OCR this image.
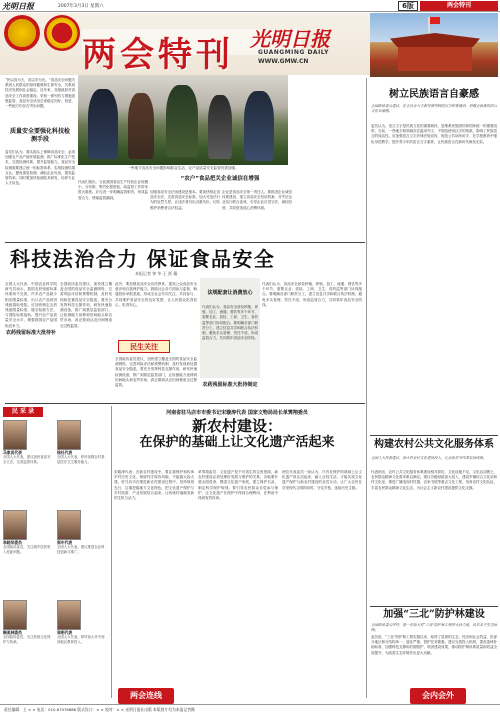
光明日报	2007年3月3日 星期六	6版	两会特刊
两会特刊 光明日报
GUANGMING DAILY
WWW.GMW.CN
“民以食为天，食以安为先。”食品安全问题关系到人民群众的身体健康和生命安全，关系到经济发展和社会稳定。近年来，各级政府对食品安全工作高度重视，采取一系列有力措施加强监管，食品安全状况总体稳定向好。但是，一些地方仍存在突出问题。
质量安全要强化科技检测手段
委员们认为，要从源头上保障食品安全，必须加强农产品产地环境监测，推广标准化生产技术，完善检测体系，提升监管能力。食品安全检测需要建立统一的标准体系，实现检测结果互认，避免重复检测，减轻企业负担，提高监管效率。同时要加快检测技术研发，培养专业人才队伍。
一些地方食品安全问题影响群众生活，农产品质量安全监管仍需加强。
代表们指出，当前我国食品生产经营企业规模小、分布散、集约化程度低，给监管工作带来很大难度。应当进一步明确监管职责，形成监管合力，堵塞监管漏洞。
“农户”食品把关企业诚信在增强
加强食品安全法治建设是根本。要加快制定食品安全法，完善食品安全标准，加大对违法行为的处罚力度，让违法者付出沉重代价，切实维护消费者合法权益。
企业是食品安全第一责任人。要推进企业诚信体系建设，建立食品安全信用档案，对失信企业实行联合惩戒，引导企业自觉守法、诚信经营，共同营造放心消费环境。
科技法治合力 保证食品安全
本报记者 钟 华 王 跃 戴
全国人大代表、中国农业科学院研究员表示，我国农药残留标准体系尚不完善，许多农产品缺少相应限量标准，出口农产品常因残留超标受阻。应加快制定农药残留限量标准，健全检测方法，与国际标准接轨，提升农产品质量安全水平，增强我国农产品国际竞争力。
全国政协委员建议，加快建立覆盖全国的食品安全监测网络，完善风险评估和预警机制，及时发现和处置食品安全隐患。要充分发挥科技支撑作用，研发快速检测设备，推广到基层监管部门，让检测能力延伸到田间地头和农贸市场，真正做到从农田到餐桌全过程监管。
农药残留标准大批待补
法规配套让消费放心
代表们认为，食品安全涉及种植、养殖、加工、流通、餐饮等多个环节，需要农业、质检、工商、卫生、食药监等部门协同配合。要明确各部门职责分工，建立信息共享和联合执法机制，避免多头管理、责任不清，形成监管合力，共同筑牢食品安全防线。
民生关注
此外，要加强食品安全宣传教育，提高公众食品安全意识和自我保护能力。鼓励社会各方面参与监督，畅通投诉举报渠道，形成全社会共同关注、共同参与、共同维护食品安全的良好氛围，让人民群众吃得放心、吃得安心。
全国政协委员建议，加快建立覆盖全国的食品安全监测网络，完善风险评估和预警机制，及时发现和处置食品安全隐患。要充分发挥科技支撑作用，研发快速检测设备，推广到基层监管部门，让检测能力延伸到田间地头和农贸市场，真正做到从农田到餐桌全过程监管。	农药残留标准大批待制定
代表们认为，食品安全涉及种植、养殖、加工、流通、餐饮等多个环节，需要农业、质检、工商、卫生、食药监等部门协同配合。要明确各部门职责分工，建立信息共享和联合执法机制，避免多头管理、责任不清，形成监管合力，共同筑牢食品安全防线。
树立民族语言自豪感
全国政协委员建议，在全社会大力倡导使用规范汉字和普通话，增强全民族的语言文化自豪感。
委员认为，语言文字是民族文化的重要载体，是维系民族团结和国家统一的重要纽带。当前，一些地方和领域存在滥用外文、不规范使用汉字的现象，影响了民族语言的纯洁性。应加强语言文字法律法规宣传，规范公共场所用字，在学校教育中强化母语教学，提升青少年的语言文字素养，让民族语言在新时代焕发光彩。
构建农村公共文化服务体系
全国人大代表建议，加大对农村文化建设投入，让农民共享改革发展成果。
代表指出，农村公共文化服务体系建设相对滞后，文化设施不足，文化活动匮乏，农民群众精神文化需求难以满足。建议各级财政加大投入，建设乡镇综合文化站和村文化室，推进广播电视村村通、农家书屋等重点文化工程，培育农村文化队伍，丰富农民群众精神文化生活，为社会主义新农村建设提供文化支撑。
加强“三北”防护林建设
全国政协委员呼吁，进一步加大对“三北”防护林工程的支持力度，筑牢北方生态屏障。
委员说，“三北”防护林工程实施以来，取得了显著的生态、经济和社会效益，但部分地区林分结构单一、退化严重，管护任务繁重。建议完善投入机制，提高造林补助标准，加强科技支撑和后期管护，巩固建设成果，推动防护林体系质量和效益全面提升，为改善生态环境作出更大贡献。
会内会外
民 采 录
马家宾代表
全国人大代表，建议加快食品安全立法，完善监管体系。
徐社代表
全国人大代表，呼吁加强农村基层医疗卫生服务能力。
李晓华委员
全国政协委员，关注城乡居民收入差距问题。
郑中代表
全国人大代表，建议推进农业科技创新与推广。
韩美林委员
全国政协委员，关注传统文化保护与传承。
周明代表
全国人大代表，呼吁加大对中西部地区教育投入。
河南省驻马店市市委书记宋璇涛代表 国家文物局局长单霁翔委员
新农村建设：
在保护的基础上让文化遗产活起来
宋璇涛代表：在新农村建设中，要注重保护和传承乡村历史文化，保留村庄原有风貌，不能搞大拆大建。驻马店市在推进新农村建设过程中，坚持规划先行，注重挖掘地方文化特色，把文化遗产保护与乡村旅游、产业发展结合起来，让传统村落焕发新的生机与活力。
单霁翔委员：文化遗产是不可再生的宝贵资源，新农村建设必须处理好发展与保护的关系。各地要开展全面普查，摸清文化遗产家底，建立保护名录，制定科学保护规划。要引导农民群众自觉参与保护，让文化遗产在保护中得到合理利用，在利用中得到有效传承。
两位代表委员一致认为，只有在保护的基础上让文化遗产真正活起来，融入百姓生活，才能实现文化遗产保护与新农村建设的良性互动，让广大农民在享受现代文明的同时，守住乡愁，延续历史文脉。
两会连线
责任编辑：王 × × 电话：010-67078888 版式设计：× × 校对：× × 光明日报社出版 本版图片均为本报记者摄
